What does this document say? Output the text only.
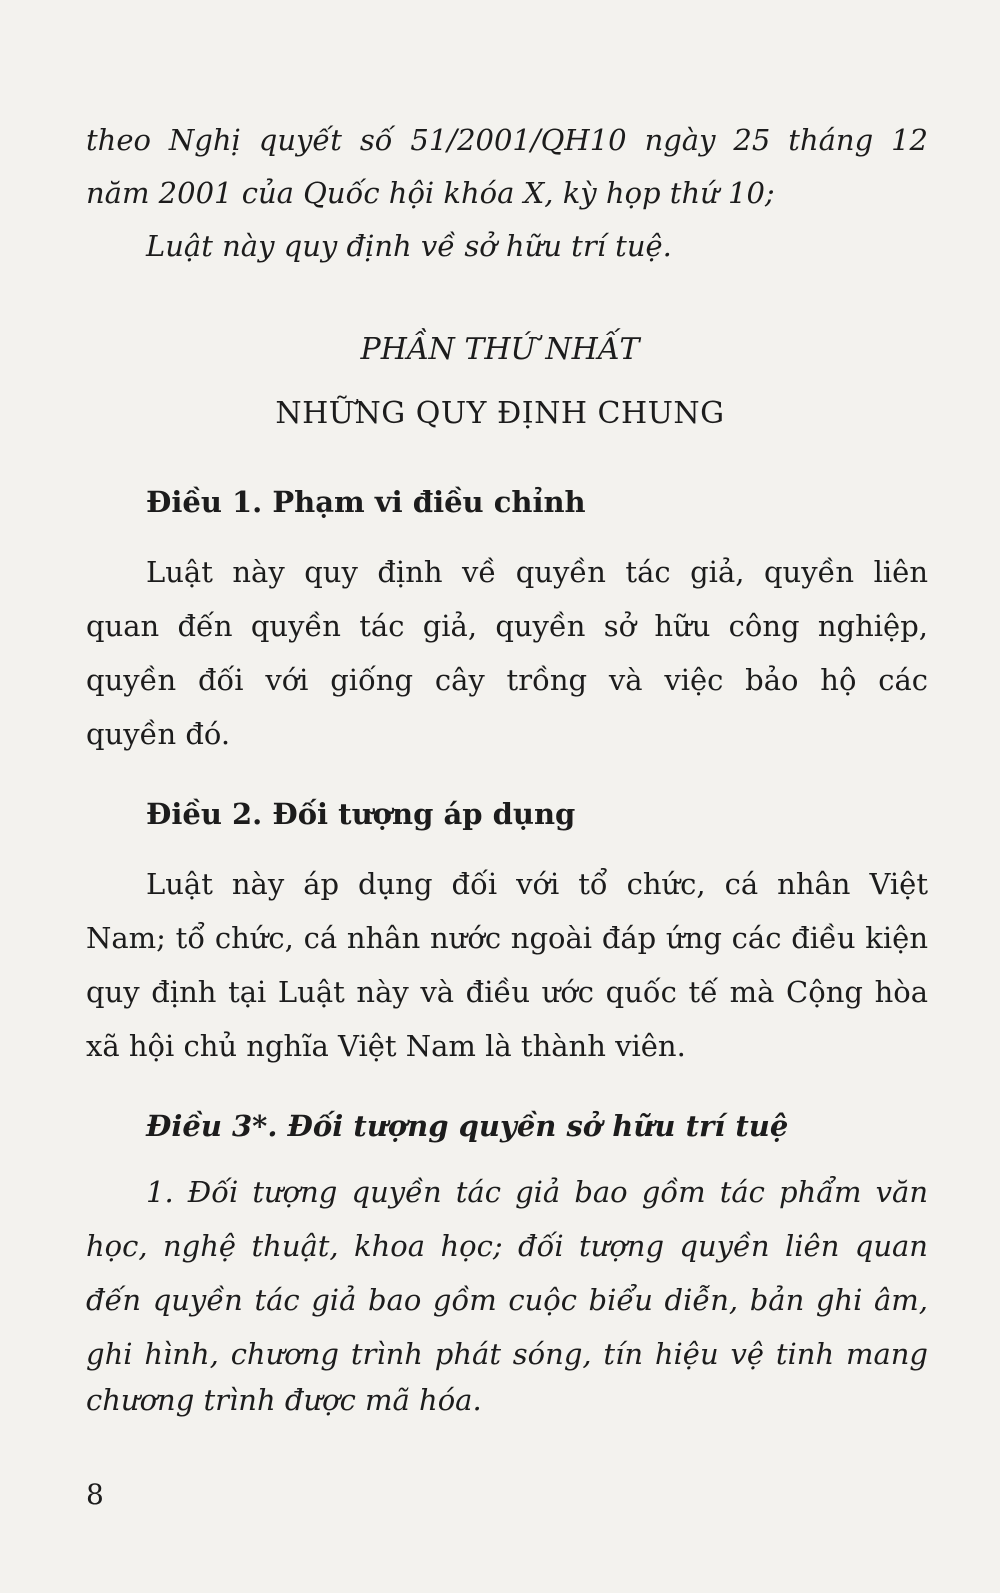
theo Nghị quyết số 51/2001/QH10 ngày 25 tháng 12
năm 2001 của Quốc hội khóa X, kỳ họp thứ 10;
Luật này quy định về sở hữu trí tuệ.
PHẦN THỨ NHẤT
NHỮNG QUY ĐỊNH CHUNG
Điều 1. Phạm vi điều chỉnh
Luật này quy định về quyền tác giả, quyền liên
quan đến quyền tác giả, quyền sở hữu công nghiệp,
quyền đối với giống cây trồng và việc bảo hộ các
quyền đó.
Điều 2. Đối tượng áp dụng
Luật này áp dụng đối với tổ chức, cá nhân Việt
Nam; tổ chức, cá nhân nước ngoài đáp ứng các điều kiện
quy định tại Luật này và điều ước quốc tế mà Cộng hòa
xã hội chủ nghĩa Việt Nam là thành viên.
Điều 3*. Đối tượng quyền sở hữu trí tuệ
1. Đối tượng quyền tác giả bao gồm tác phẩm văn
học, nghệ thuật, khoa học; đối tượng quyền liên quan
đến quyền tác giả bao gồm cuộc biểu diễn, bản ghi âm,
ghi hình, chương trình phát sóng, tín hiệu vệ tinh mang
chương trình được mã hóa.
8
